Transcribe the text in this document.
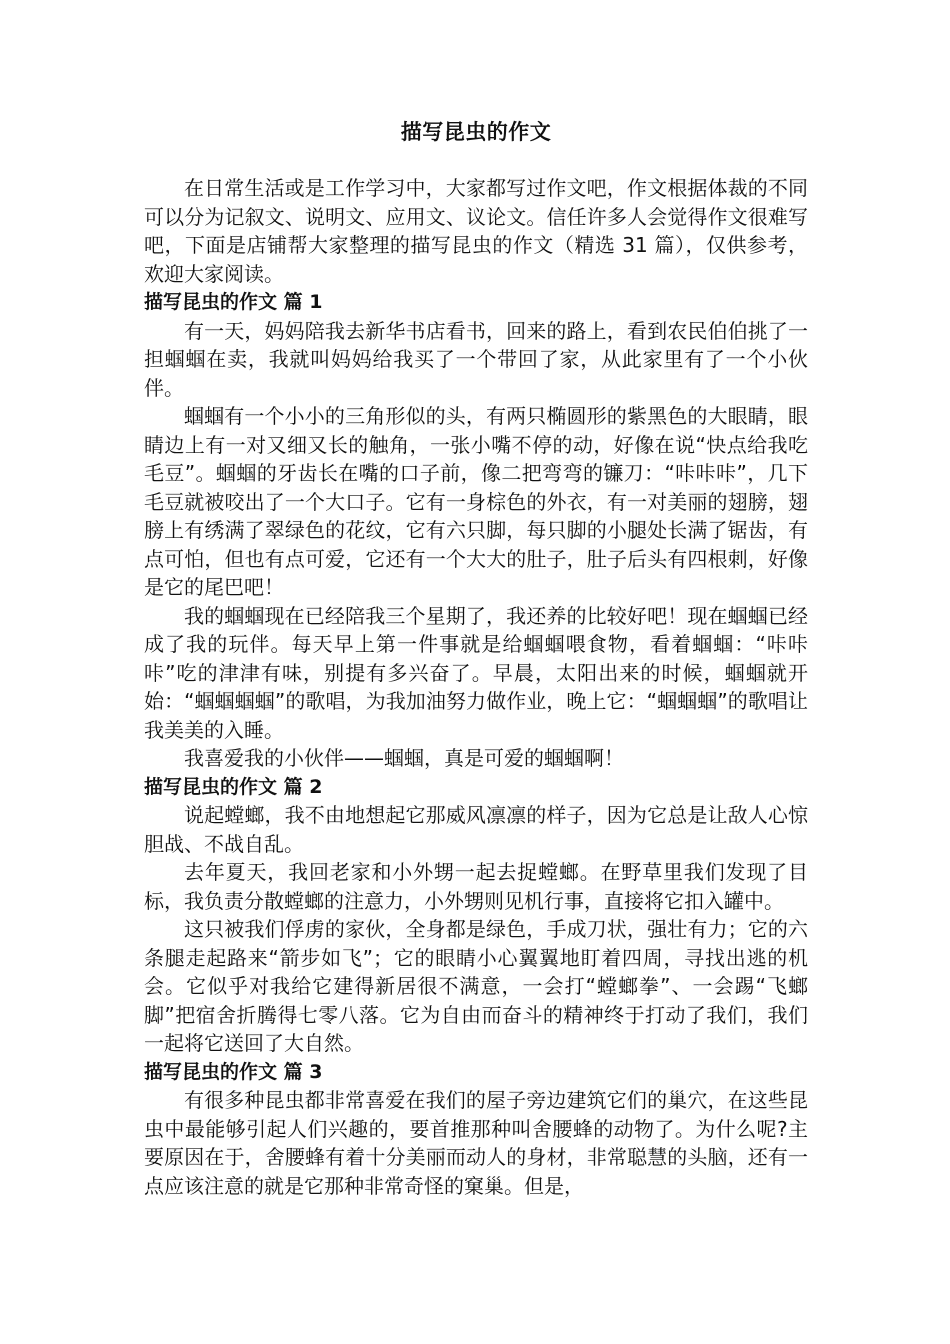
描写昆虫的作文

在日常生活或是工作学习中，大家都写过作文吧，作文根据体裁的不同可以分为记叙文、说明文、应用文、议论文。信任许多人会觉得作文很难写吧，下面是店铺帮大家整理的描写昆虫的作文（精选 31 篇），仅供参考，欢迎大家阅读。

描写昆虫的作文 篇 1

有一天，妈妈陪我去新华书店看书，回来的路上，看到农民伯伯挑了一担蝈蝈在卖，我就叫妈妈给我买了一个带回了家，从此家里有了一个小伙伴。

蝈蝈有一个小小的三角形似的头，有两只椭圆形的紫黑色的大眼睛，眼睛边上有一对又细又长的触角，一张小嘴不停的动，好像在说“快点给我吃毛豆”。蝈蝈的牙齿长在嘴的口子前，像二把弯弯的镰刀：“咔咔咔”，几下毛豆就被咬出了一个大口子。它有一身棕色的外衣，有一对美丽的翅膀，翅膀上有绣满了翠绿色的花纹，它有六只脚，每只脚的小腿处长满了锯齿，有点可怕，但也有点可爱，它还有一个大大的肚子，肚子后头有四根刺，好像是它的尾巴吧！

我的蝈蝈现在已经陪我三个星期了，我还养的比较好吧！现在蝈蝈已经成了我的玩伴。每天早上第一件事就是给蝈蝈喂食物，看着蝈蝈：“咔咔咔”吃的津津有味，别提有多兴奋了。早晨，太阳出来的时候，蝈蝈就开始：“蝈蝈蝈蝈”的歌唱，为我加油努力做作业，晚上它：“蝈蝈蝈”的歌唱让我美美的入睡。

我喜爱我的小伙伴——蝈蝈，真是可爱的蝈蝈啊！

描写昆虫的作文 篇 2

说起螳螂，我不由地想起它那威风凛凛的样子，因为它总是让敌人心惊胆战、不战自乱。

去年夏天，我回老家和小外甥一起去捉螳螂。在野草里我们发现了目标，我负责分散螳螂的注意力，小外甥则见机行事，直接将它扣入罐中。

这只被我们俘虏的家伙，全身都是绿色，手成刀状，强壮有力；它的六条腿走起路来“箭步如飞”；它的眼睛小心翼翼地盯着四周，寻找出逃的机会。它似乎对我给它建得新居很不满意，一会打“螳螂拳”、一会踢“飞螂脚”把宿舍折腾得七零八落。它为自由而奋斗的精神终于打动了我们，我们一起将它送回了大自然。

描写昆虫的作文 篇 3

有很多种昆虫都非常喜爱在我们的屋子旁边建筑它们的巢穴，在这些昆虫中最能够引起人们兴趣的，要首推那种叫舍腰蜂的动物了。为什么呢?主要原因在于，舍腰蜂有着十分美丽而动人的身材，非常聪慧的头脑，还有一点应该注意的就是它那种非常奇怪的窠巢。但是，
